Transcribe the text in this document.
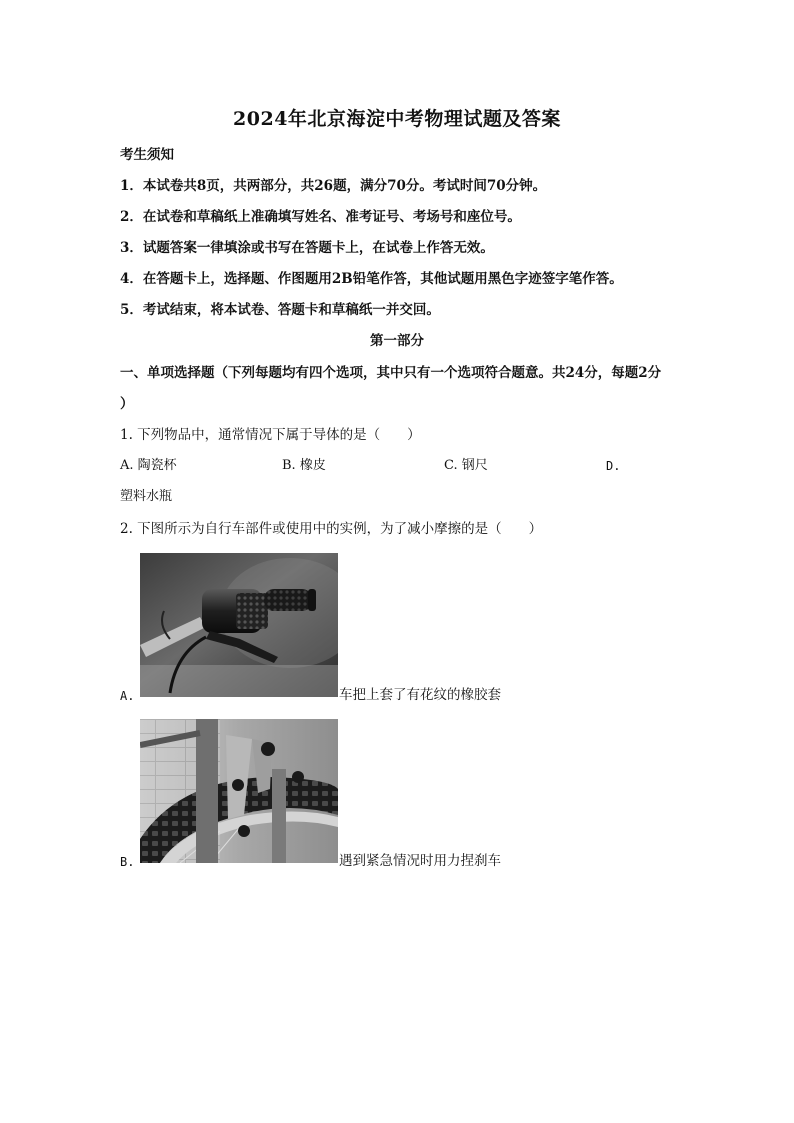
2024年北京海淀中考物理试题及答案
考生须知
1．本试卷共8页，共两部分，共26题，满分70分。考试时间70分钟。
2．在试卷和草稿纸上准确填写姓名、准考证号、考场号和座位号。
3．试题答案一律填涂或书写在答题卡上，在试卷上作答无效。
4．在答题卡上，选择题、作图题用2B铅笔作答，其他试题用黑色字迹签字笔作答。
5．考试结束，将本试卷、答题卡和草稿纸一并交回。
第一部分
一、单项选择题（下列每题均有四个选项，其中只有一个选项符合题意。共24分，每题2分
）
1. 下列物品中，通常情况下属于导体的是（　　）
A. 陶瓷杯	B. 橡皮	C. 钢尺	D.
塑料水瓶
2. 下图所示为自行车部件或使用中的实例，为了减小摩擦的是（　　）
A.	车把上套了有花纹的橡胶套
B.	遇到紧急情况时用力捏刹车
